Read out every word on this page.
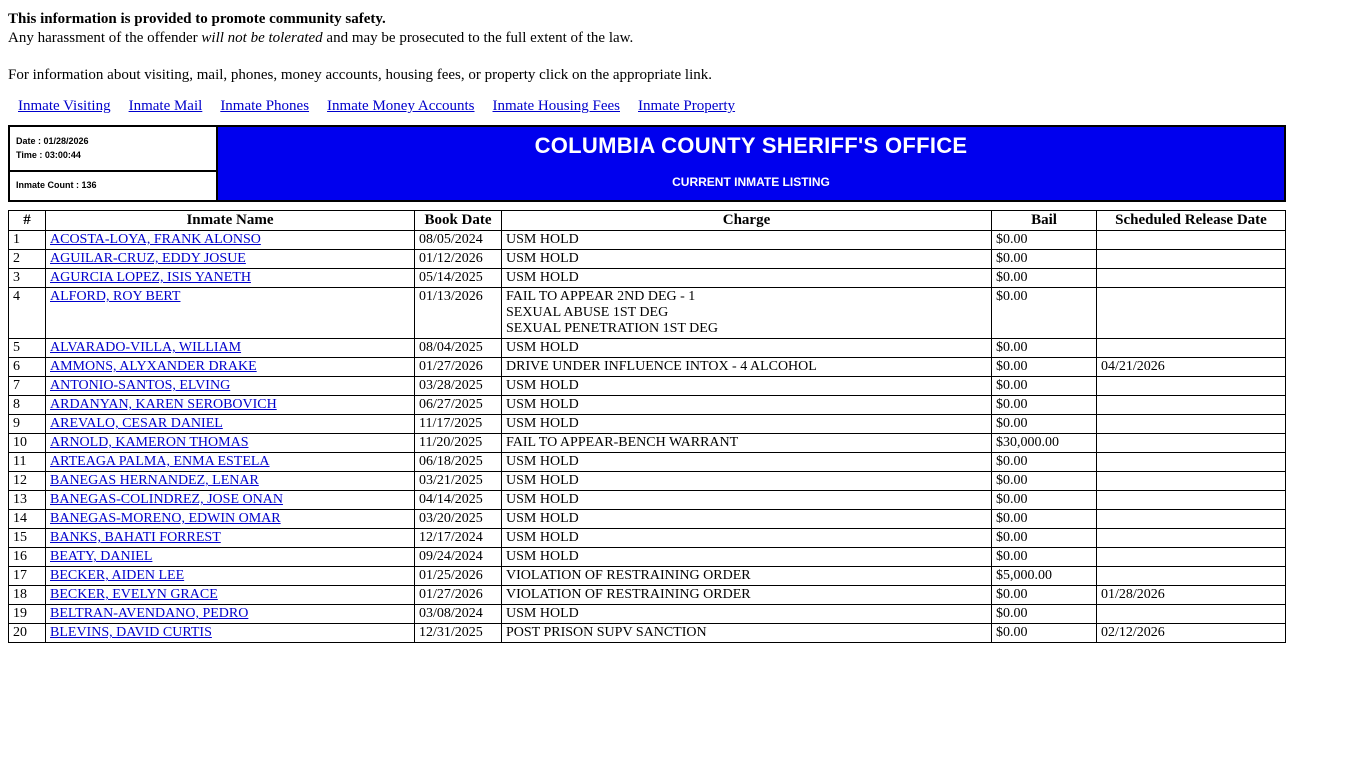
This information is provided to promote community safety.
Any harassment of the offender will not be tolerated and may be prosecuted to the full extent of the law.
For information about visiting, mail, phones, money accounts, housing fees, or property click on the appropriate link.
Inmate Visiting Inmate Mail Inmate Phones Inmate Money Accounts Inmate Housing Fees Inmate Property
Date : 01/28/2026
Time : 03:00:44
Inmate Count : 136
COLUMBIA COUNTY SHERIFF'S OFFICE
CURRENT INMATE LISTING
#	Inmate Name	Book Date	Charge	Bail	Scheduled Release Date
1	ACOSTA-LOYA, FRANK ALONSO	08/05/2024	USM HOLD	$0.00	
2	AGUILAR-CRUZ, EDDY JOSUE	01/12/2026	USM HOLD	$0.00	
3	AGURCIA LOPEZ, ISIS YANETH	05/14/2025	USM HOLD	$0.00	
4	ALFORD, ROY BERT	01/13/2026	FAIL TO APPEAR 2ND DEG - 1
SEXUAL ABUSE 1ST DEG
SEXUAL PENETRATION 1ST DEG	$0.00	
5	ALVARADO-VILLA, WILLIAM	08/04/2025	USM HOLD	$0.00	
6	AMMONS, ALYXANDER DRAKE	01/27/2026	DRIVE UNDER INFLUENCE INTOX - 4 ALCOHOL	$0.00	04/21/2026
7	ANTONIO-SANTOS, ELVING	03/28/2025	USM HOLD	$0.00	
8	ARDANYAN, KAREN SEROBOVICH	06/27/2025	USM HOLD	$0.00	
9	AREVALO, CESAR DANIEL	11/17/2025	USM HOLD	$0.00	
10	ARNOLD, KAMERON THOMAS	11/20/2025	FAIL TO APPEAR-BENCH WARRANT	$30,000.00	
11	ARTEAGA PALMA, ENMA ESTELA	06/18/2025	USM HOLD	$0.00	
12	BANEGAS HERNANDEZ, LENAR	03/21/2025	USM HOLD	$0.00	
13	BANEGAS-COLINDREZ, JOSE ONAN	04/14/2025	USM HOLD	$0.00	
14	BANEGAS-MORENO, EDWIN OMAR	03/20/2025	USM HOLD	$0.00	
15	BANKS, BAHATI FORREST	12/17/2024	USM HOLD	$0.00	
16	BEATY, DANIEL	09/24/2024	USM HOLD	$0.00	
17	BECKER, AIDEN LEE	01/25/2026	VIOLATION OF RESTRAINING ORDER	$5,000.00	
18	BECKER, EVELYN GRACE	01/27/2026	VIOLATION OF RESTRAINING ORDER	$0.00	01/28/2026
19	BELTRAN-AVENDANO, PEDRO	03/08/2024	USM HOLD	$0.00	
20	BLEVINS, DAVID CURTIS	12/31/2025	POST PRISON SUPV SANCTION	$0.00	02/12/2026
